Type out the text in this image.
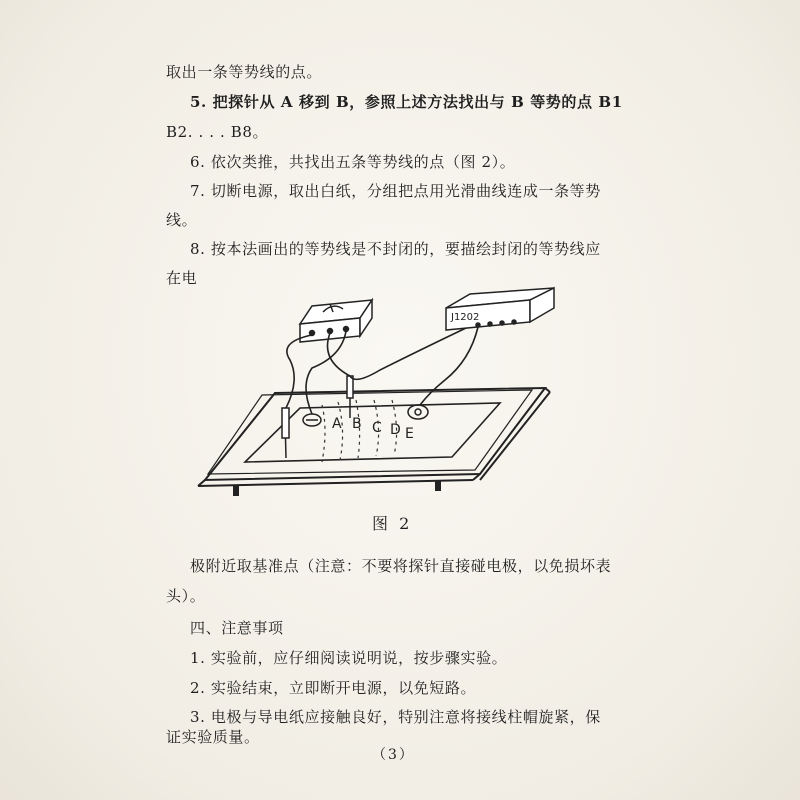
取出一条等势线的点。
5. 把探针从 A 移到 B，参照上述方法找出与 B 等势的点 B1
B2. . . . B8。
6. 依次类推，共找出五条等势线的点（图 2）。
7. 切断电源，取出白纸，分组把点用光滑曲线连成一条等势
线。
8. 按本法画出的等势线是不封闭的，要描绘封闭的等势线应
在电
A B C D E
J1202
图 2
极附近取基准点（注意：不要将探针直接碰电极，以免损坏表
头）。
四、注意事项
1. 实验前，应仔细阅读说明说，按步骤实验。
2. 实验结束，立即断开电源，以免短路。
3. 电极与导电纸应接触良好，特别注意将接线柱帽旋紧，保
证实验质量。
（3）
